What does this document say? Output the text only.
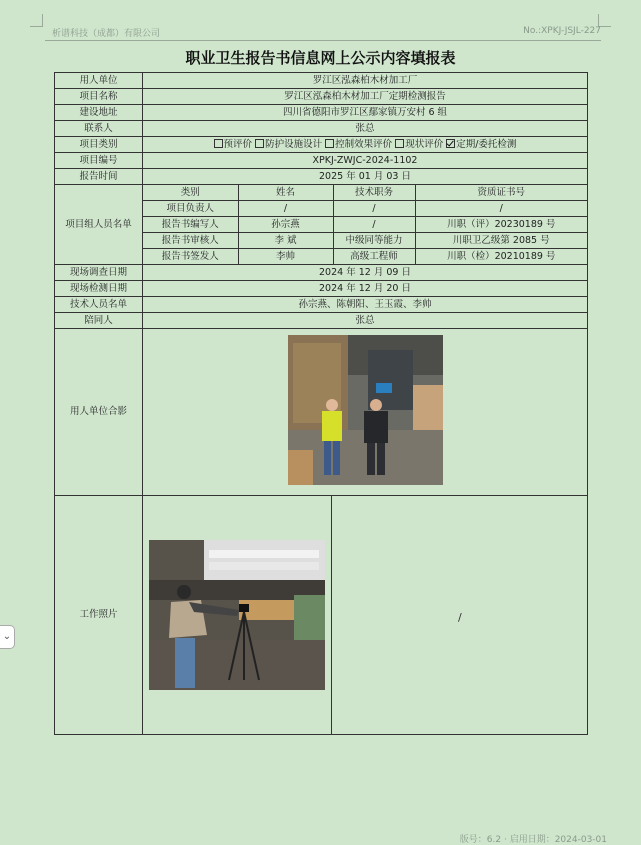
析谱科技（成都）有限公司	No.:XPKJ-JSJL-227
职业卫生报告书信息网上公示内容填报表
用人单位	罗江区泓森柏木材加工厂
项目名称	罗江区泓森柏木材加工厂定期检测报告
建设地址	四川省德阳市罗江区鄢家镇万安村 6 组
联系人	张总
项目类别	预评价 防护设施设计 控制效果评价 现状评价 定期/委托检测
项目编号	XPKJ-ZWJC-2024-1102
报告时间	2025 年 01 月 03 日
项目组人员名单	
类别	姓名	技术职务	资质证书号
项目负责人	/	/	/
报告书编写人	孙宗燕	/	川职（评）20230189 号
报告书审核人	李 斌	中级同等能力	川职卫乙级第 2085 号
报告书签发人	李帅	高级工程师	川职（检）20210189 号

现场调查日期	2024 年 12 月 09 日
现场检测日期	2024 年 12 月 20 日
技术人员名单	孙宗燕、陈朝阳、王玉霞、李帅
陪同人	张总
用人单位合影	

工作照片	/
⌄
版号：6.2 · 启用日期：2024-03-01
